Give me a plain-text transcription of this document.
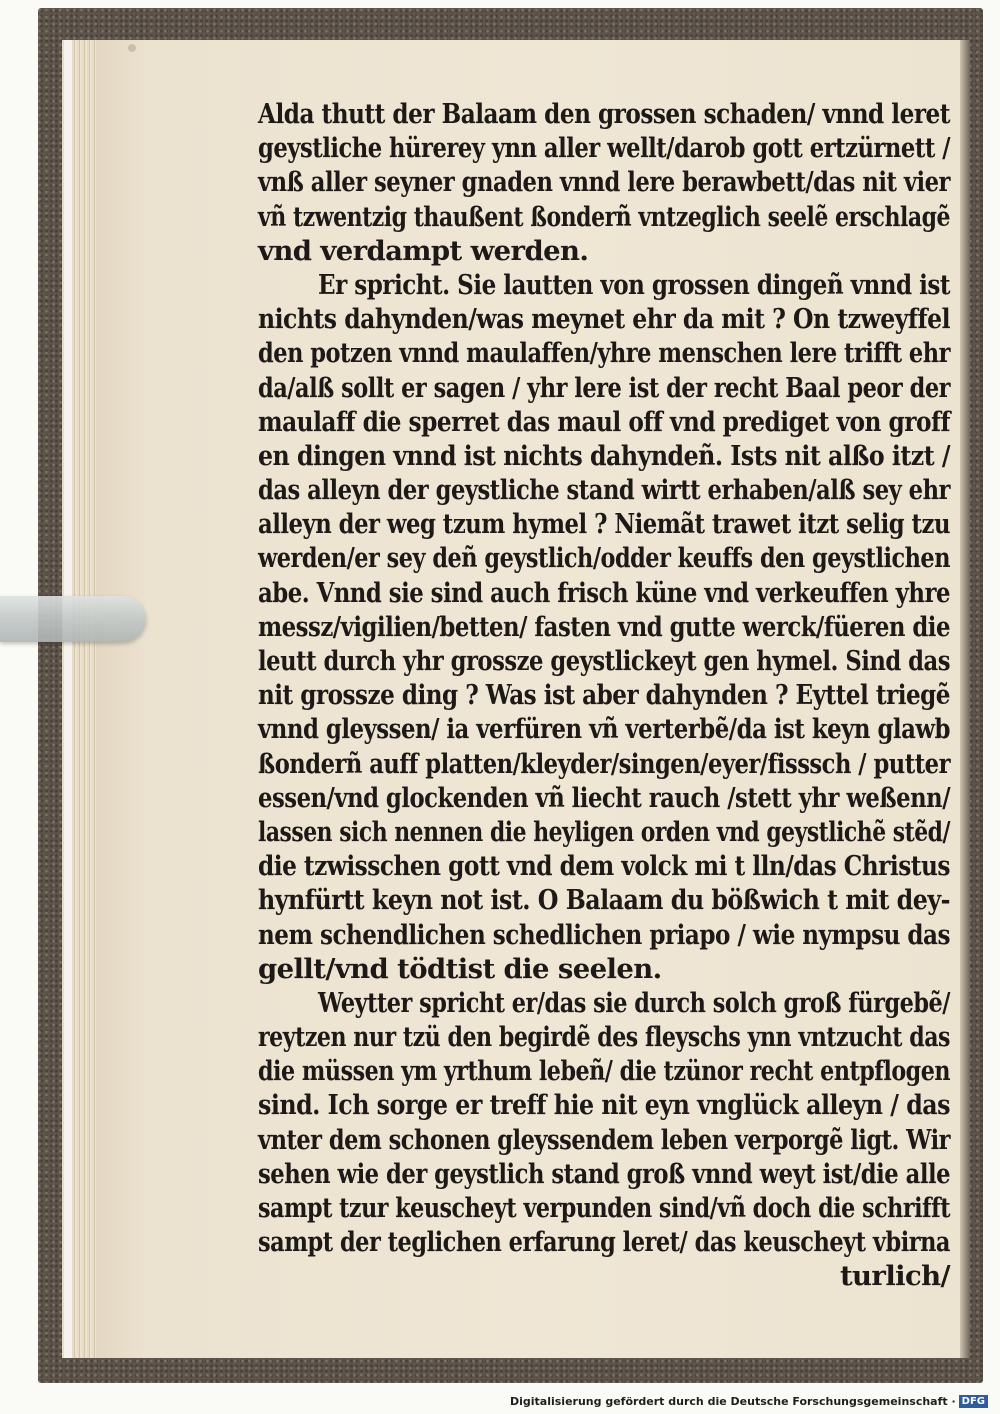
Alda thutt der Balaam den grossen schaden/ vnnd leret
geystliche hürerey ynn aller wellt/darob gott ertzürnett /
vnß aller seyner gnaden vnnd lere berawbett/das nit vier
vñ tzwentzig thaußent ßonderñ vntzeglich seelẽ erschlagẽ
vnd verdampt werden.
Er spricht. Sie lautten von grossen dingeñ vnnd ist
nichts dahynden/was meynet ehr da mit ? On tzweyffel
den potzen vnnd maulaffen/yhre menschen lere trifft ehr
da/alß sollt er sagen / yhr lere ist der recht Baal peor der
maulaff die sperret das maul off vnd prediget von groff
en dingen vnnd ist nichts dahyndeñ. Ists nit alßo itzt /
das alleyn der geystliche stand wirtt erhaben/alß sey ehr
alleyn der weg tzum hymel ? Niemãt trawet itzt selig tzu
werden/er sey deñ geystlich/odder keuffs den geystlichen
abe. Vnnd sie sind auch frisch küne vnd verkeuffen yhre
messz/vigilien/betten/ fasten vnd gutte werck/füeren die
leutt durch yhr grossze geystlickeyt gen hymel. Sind das
nit grossze ding ? Was ist aber dahynden ? Eyttel triegẽ
vnnd gleyssen/ ia verfüren vñ verterbẽ/da ist keyn glawb
ßonderñ auff platten/kleyder/singen/eyer/fisssch / putter
essen/vnd glockenden vñ liecht rauch /stett yhr weßenn/
lassen sich nennen die heyligen orden vnd geystlichẽ stẽd/
die tzwisschen gott vnd dem volck mi t lln/das Christus
hynfürtt keyn not ist. O Balaam du bößwich t mit dey-
nem schendlichen schedlichen priapo / wie nympsu das
gellt/vnd tödtist die seelen.
Weytter spricht er/das sie durch solch groß fürgebẽ/
reytzen nur tzü den begirdẽ des fleyschs ynn vntzucht das
die müssen ym yrthum lebeñ/ die tzünor recht entpflogen
sind. Ich sorge er treff hie nit eyn vnglück alleyn / das
vnter dem schonen gleyssendem leben verporgẽ ligt. Wir
sehen wie der geystlich stand groß vnnd weyt ist/die alle
sampt tzur keuscheyt verpunden sind/vñ doch die schrifft
sampt der teglichen erfarung leret/ das keuscheyt vbirna
turlich/
Digitalisierung gefördert durch die Deutsche Forschungsgemeinschaft · DFG
